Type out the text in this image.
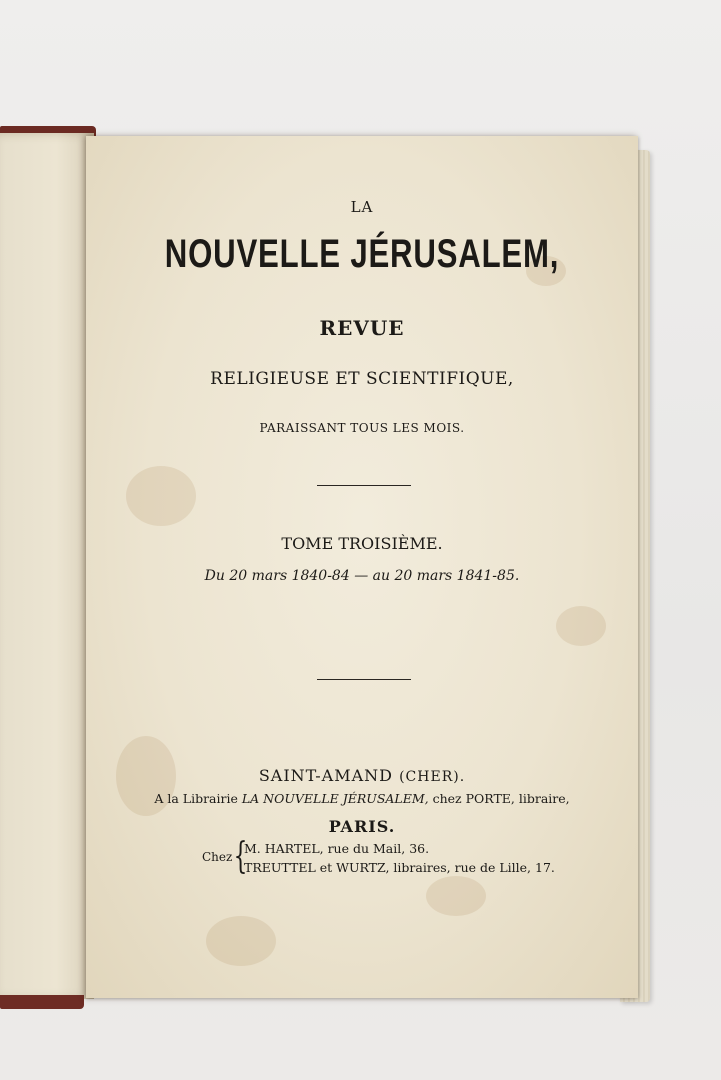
LA
NOUVELLE JÉRUSALEM,
REVUE
RELIGIEUSE ET SCIENTIFIQUE,
PARAISSANT TOUS LES MOIS.
TOME TROISIÈME.
Du 20 mars 1840-84 — au 20 mars 1841-85.
SAINT-AMAND (CHER).
A la Librairie LA NOUVELLE JÉRUSALEM, chez PORTE, libraire,
PARIS.
Chez {
M. HARTEL, rue du Mail, 36.
TREUTTEL et WURTZ, libraires, rue de Lille, 17.
